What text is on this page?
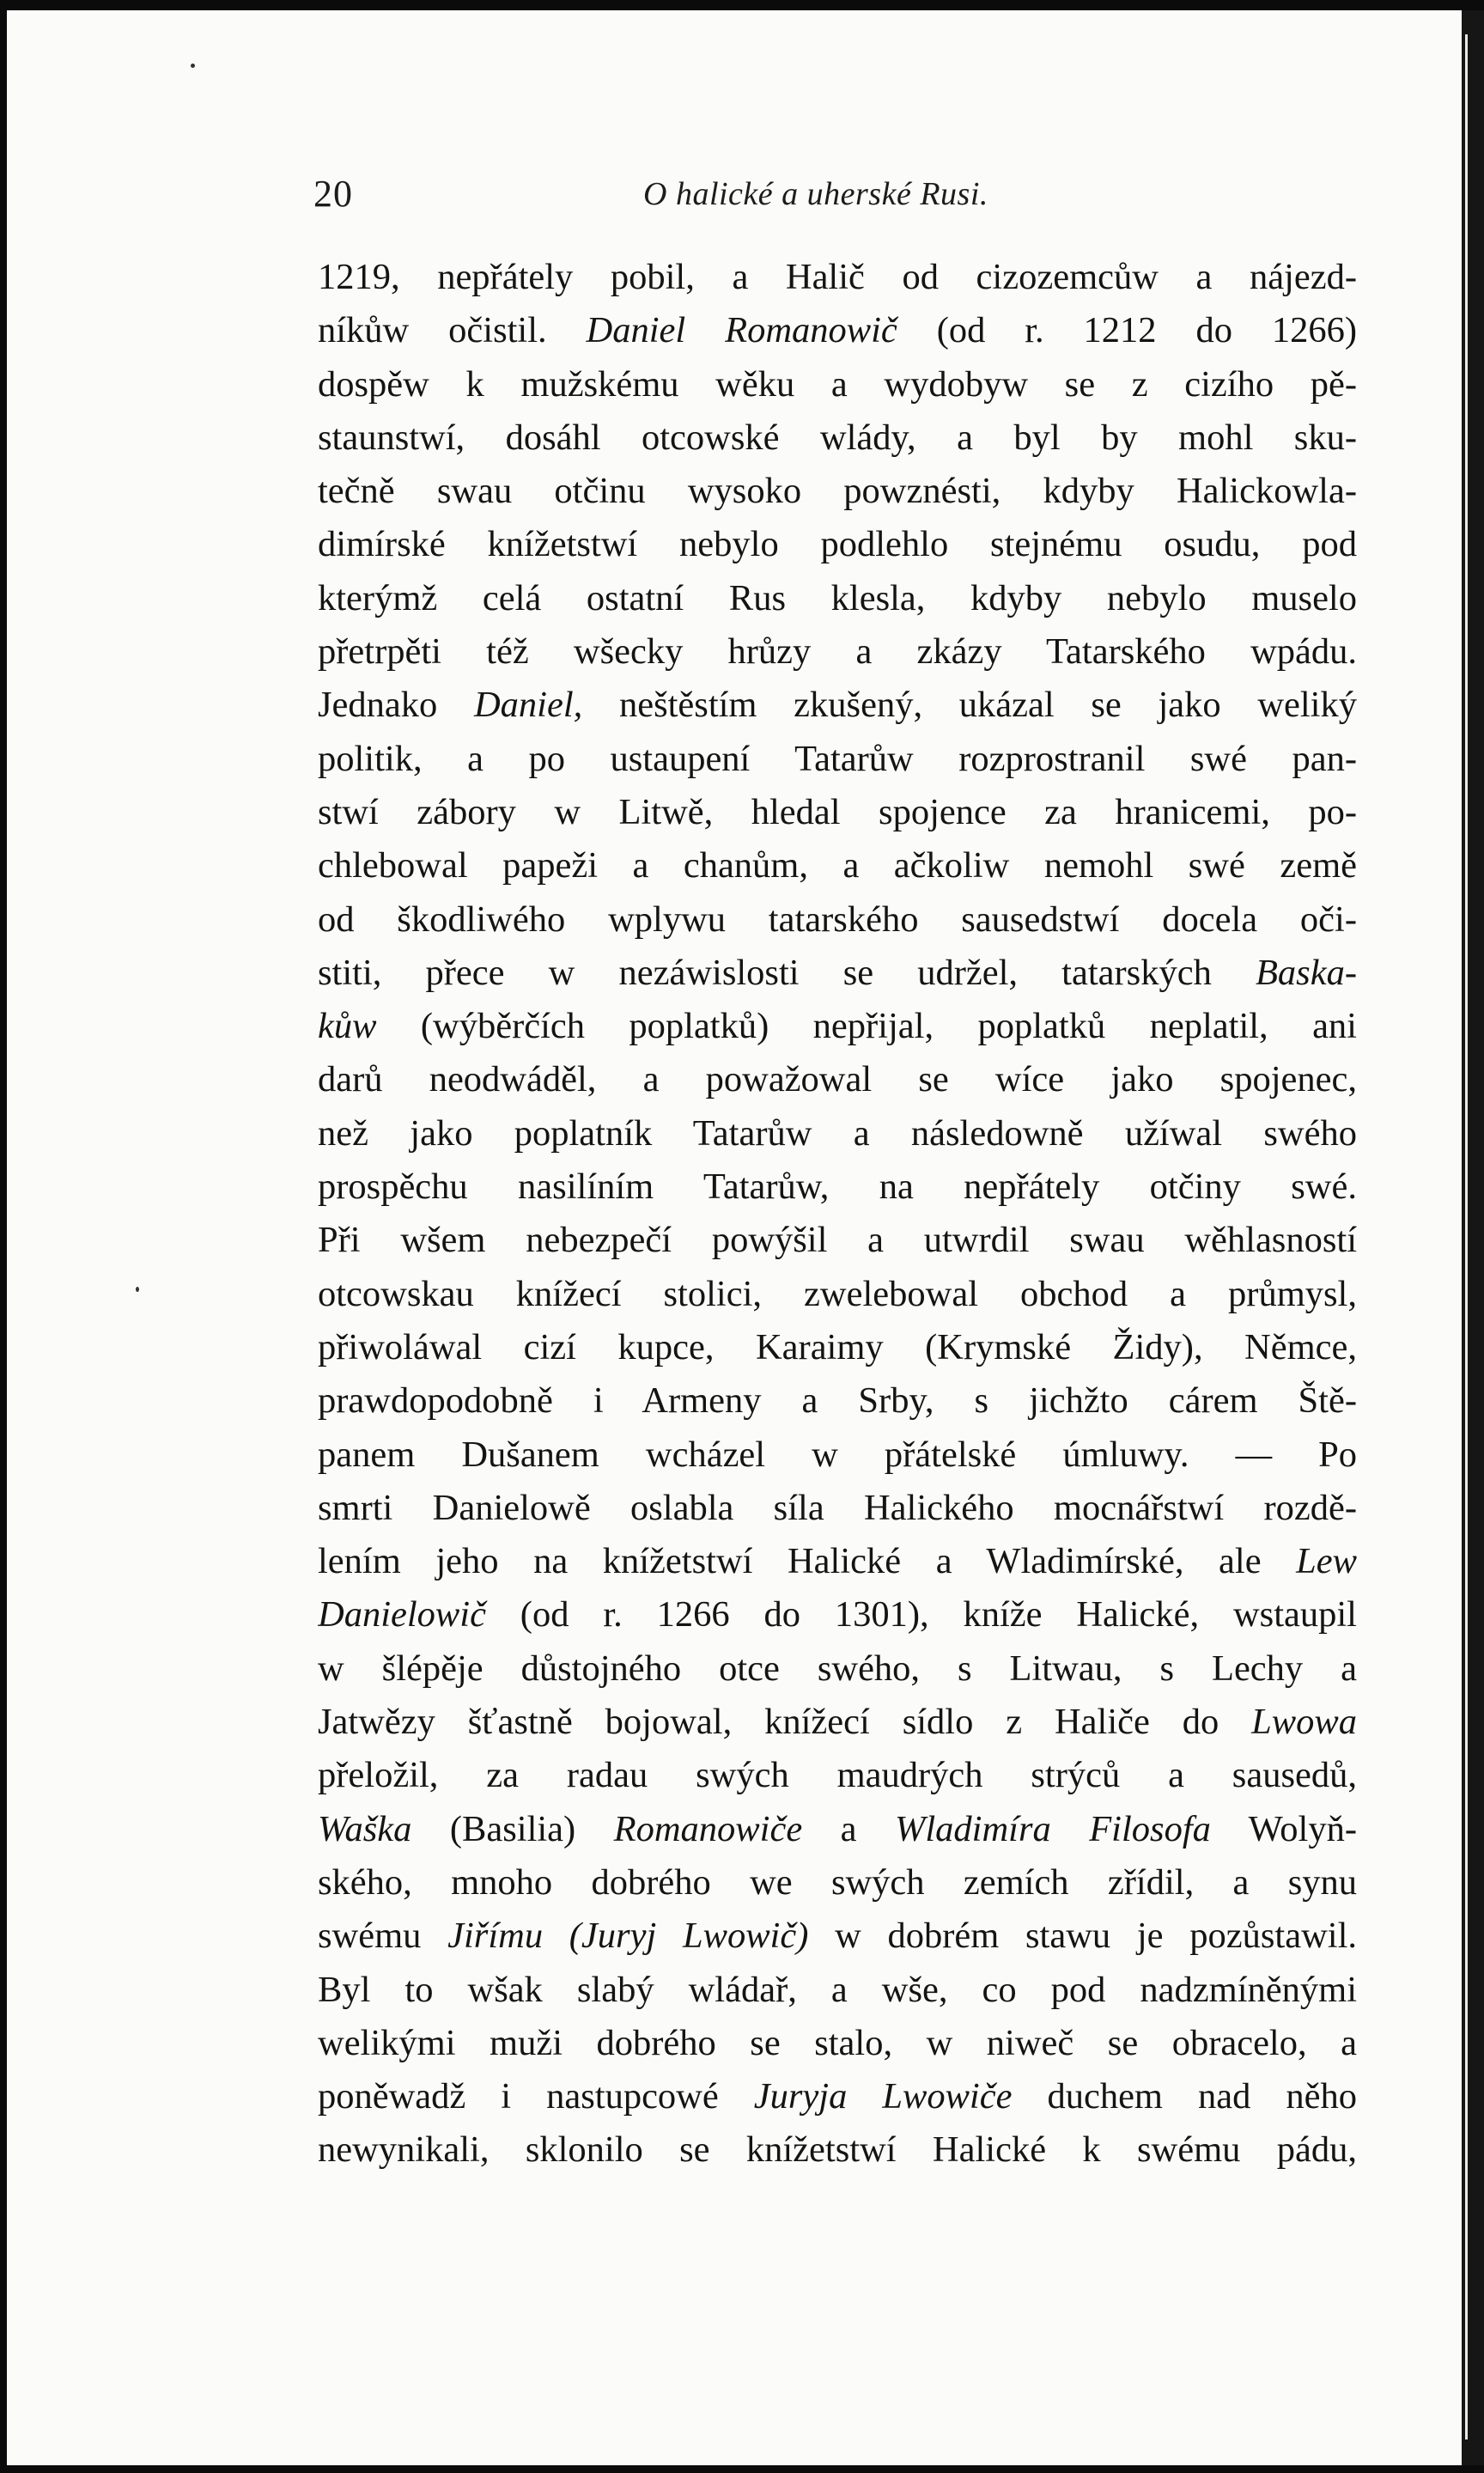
20	O halické a uherské Rusi.
1219, nepřátely pobil, a Halič od cizozemcůw a nájezd-
níkůw očistil. Daniel Romanowič (od r. 1212 do 1266)
dospěw k mužskému wěku a wydobyw se z cizího pě-
staunstwí, dosáhl otcowské wlády, a byl by mohl sku-
tečně swau otčinu wysoko powznésti, kdyby Halickowla-
dimírské knížetstwí nebylo podlehlo stejnému osudu, pod
kterýmž celá ostatní Rus klesla, kdyby nebylo muselo
přetrpěti též wšecky hrůzy a zkázy Tatarského wpádu.
Jednako Daniel, neštěstím zkušený, ukázal se jako weliký
politik, a po ustaupení Tatarůw rozprostranil swé pan-
stwí zábory w Litwě, hledal spojence za hranicemi, po-
chlebowal papeži a chanům, a ačkoliw nemohl swé země
od škodliwého wplywu tatarského sausedstwí docela oči-
stiti, přece w nezáwislosti se udržel, tatarských Baska-
kůw (wýběrčích poplatků) nepřijal, poplatků neplatil, ani
darů neodwáděl, a powažowal se wíce jako spojenec,
než jako poplatník Tatarůw a následowně užíwal swého
prospěchu nasilíním Tatarůw, na nepřátely otčiny swé.
Při wšem nebezpečí powýšil a utwrdil swau wěhlasností
otcowskau knížecí stolici, zwelebowal obchod a průmysl,
přiwoláwal cizí kupce, Karaimy (Krymské Židy), Němce,
prawdopodobně i Armeny a Srby, s jichžto cárem Ště-
panem Dušanem wcházel w přátelské úmluwy. — Po
smrti Danielowě oslabla síla Halického mocnářstwí rozdě-
lením jeho na knížetstwí Halické a Wladimírské, ale Lew
Danielowič (od r. 1266 do 1301), kníže Halické, wstaupil
w šlépěje důstojného otce swého, s Litwau, s Lechy a
Jatwězy šťastně bojowal, knížecí sídlo z Haliče do Lwowa
přeložil, za radau swých maudrých strýců a sausedů,
Waška (Basilia) Romanowiče a Wladimíra Filosofa Wolyň-
ského, mnoho dobrého we swých zemích zřídil, a synu
swému Jiřímu (Juryj Lwowič) w dobrém stawu je pozůstawil.
Byl to wšak slabý wládař, a wše, co pod nadzmíněnými
welikými muži dobrého se stalo, w niweč se obracelo, a
poněwadž i nastupcowé Juryja Lwowiče duchem nad něho
newynikali, sklonilo se knížetstwí Halické k swému pádu,
